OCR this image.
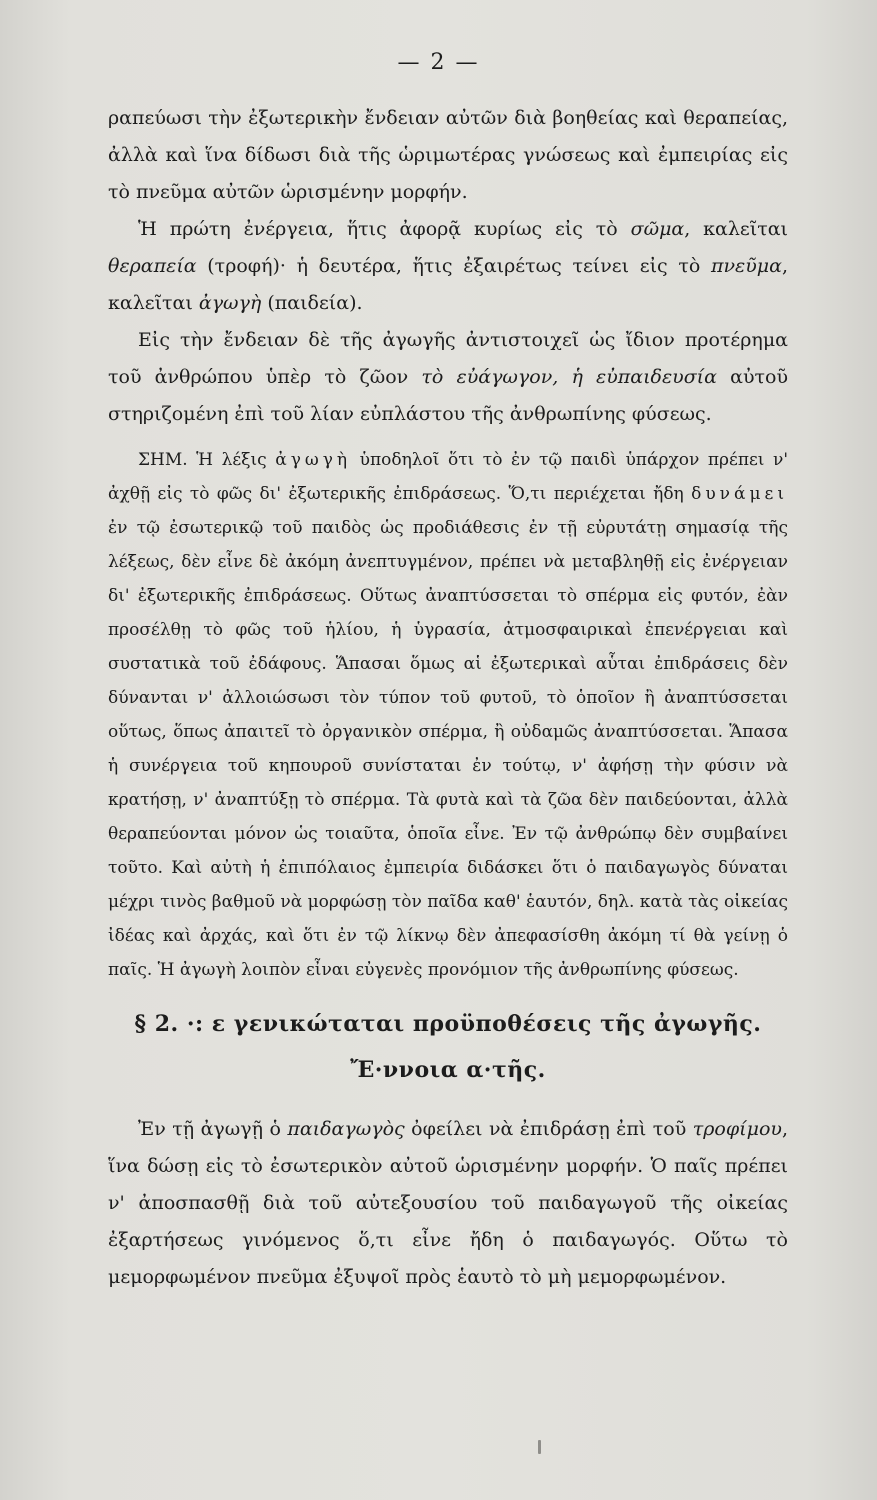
— 2 —

ραπεύωσι τὴν ἐξωτερικὴν ἔνδειαν αὐτῶν διὰ βοηθείας καὶ θεραπείας, ἀλλὰ καὶ ἵνα δίδωσι διὰ τῆς ὡριμωτέρας γνώσεως καὶ ἐμπειρίας εἰς τὸ πνεῦμα αὐτῶν ὡρισμένην μορφήν.

Ἡ πρώτη ἐνέργεια, ἥτις ἀφορᾷ κυρίως εἰς τὸ σῶμα, καλεῖται θεραπεία (τροφή)· ἡ δευτέρα, ἥτις ἐξαιρέτως τείνει εἰς τὸ πνεῦμα, καλεῖται ἀγωγὴ (παιδεία).

Εἰς τὴν ἔνδειαν δὲ τῆς ἀγωγῆς ἀντιστοιχεῖ ὡς ἴδιον προτέρημα τοῦ ἀνθρώπου ὑπὲρ τὸ ζῶον τὸ εὐάγωγον, ἡ εὐπαιδευσία αὐτοῦ στηριζομένη ἐπὶ τοῦ λίαν εὐπλάστου τῆς ἀνθρωπίνης φύσεως.

ΣΗΜ. Ἡ λέξις ἀγωγὴ ὑποδηλοῖ ὅτι τὸ ἐν τῷ παιδὶ ὑπάρχον πρέπει ν' ἀχθῇ εἰς τὸ φῶς δι' ἐξωτερικῆς ἐπιδράσεως. Ὅ,τι περιέχεται ἤδη δυνάμει ἐν τῷ ἐσωτερικῷ τοῦ παιδὸς ὡς προδιάθεσις ἐν τῇ εὐρυτάτῃ σημασίᾳ τῆς λέξεως, δὲν εἶνε δὲ ἀκόμη ἀνεπτυγμένον, πρέπει νὰ μεταβληθῇ εἰς ἐνέργειαν δι' ἐξωτερικῆς ἐπιδράσεως. Οὕτως ἀναπτύσσεται τὸ σπέρμα εἰς φυτόν, ἐὰν προσέλθῃ τὸ φῶς τοῦ ἡλίου, ἡ ὑγρασία, ἀτμοσφαιρικαὶ ἐπενέργειαι καὶ συστατικὰ τοῦ ἐδάφους. Ἅπασαι ὅμως αἱ ἐξωτερικαὶ αὗται ἐπιδράσεις δὲν δύνανται ν' ἀλλοιώσωσι τὸν τύπον τοῦ φυτοῦ, τὸ ὁποῖον ἢ ἀναπτύσσεται οὕτως, ὅπως ἀπαιτεῖ τὸ ὀργανικὸν σπέρμα, ἢ οὐδαμῶς ἀναπτύσσεται. Ἅπασα ἡ συνέργεια τοῦ κηπουροῦ συνίσταται ἐν τούτῳ, ν' ἀφήσῃ τὴν φύσιν νὰ κρατήσῃ, ν' ἀναπτύξῃ τὸ σπέρμα. Τὰ φυτὰ καὶ τὰ ζῶα δὲν παιδεύονται, ἀλλὰ θεραπεύονται μόνον ὡς τοιαῦτα, ὁποῖα εἶνε. Ἐν τῷ ἀνθρώπῳ δὲν συμβαίνει τοῦτο. Καὶ αὐτὴ ἡ ἐπιπόλαιος ἐμπειρία διδάσκει ὅτι ὁ παιδαγωγὸς δύναται μέχρι τινὸς βαθμοῦ νὰ μορφώσῃ τὸν παῖδα καθ' ἑαυτόν, δηλ. κατὰ τὰς οἰκείας ἰδέας καὶ ἀρχάς, καὶ ὅτι ἐν τῷ λίκνῳ δὲν ἀπεφασίσθη ἀκόμη τί θὰ γείνῃ ὁ παῖς. Ἡ ἀγωγὴ λοιπὸν εἶναι εὐγενὲς προνόμιον τῆς ἀνθρωπίνης φύσεως.

§ 2. ·: ε γενικώταται προϋποθέσεις τῆς ἀγωγῆς.

Ἔ·ννοια α·τῆς.

Ἐν τῇ ἀγωγῇ ὁ παιδαγωγὸς ὀφείλει νὰ ἐπιδράσῃ ἐπὶ τοῦ τροφίμου, ἵνα δώσῃ εἰς τὸ ἐσωτερικὸν αὐτοῦ ὡρισμένην μορφήν. Ὁ παῖς πρέπει ν' ἀποσπασθῇ διὰ τοῦ αὐτεξουσίου τοῦ παιδαγωγοῦ τῆς οἰκείας ἐξαρτήσεως γινόμενος ὅ,τι εἶνε ἤδη ὁ παιδαγωγός. Οὕτω τὸ μεμορφωμένον πνεῦμα ἐξυψοῖ πρὸς ἑαυτὸ τὸ μὴ μεμορφωμένον.
